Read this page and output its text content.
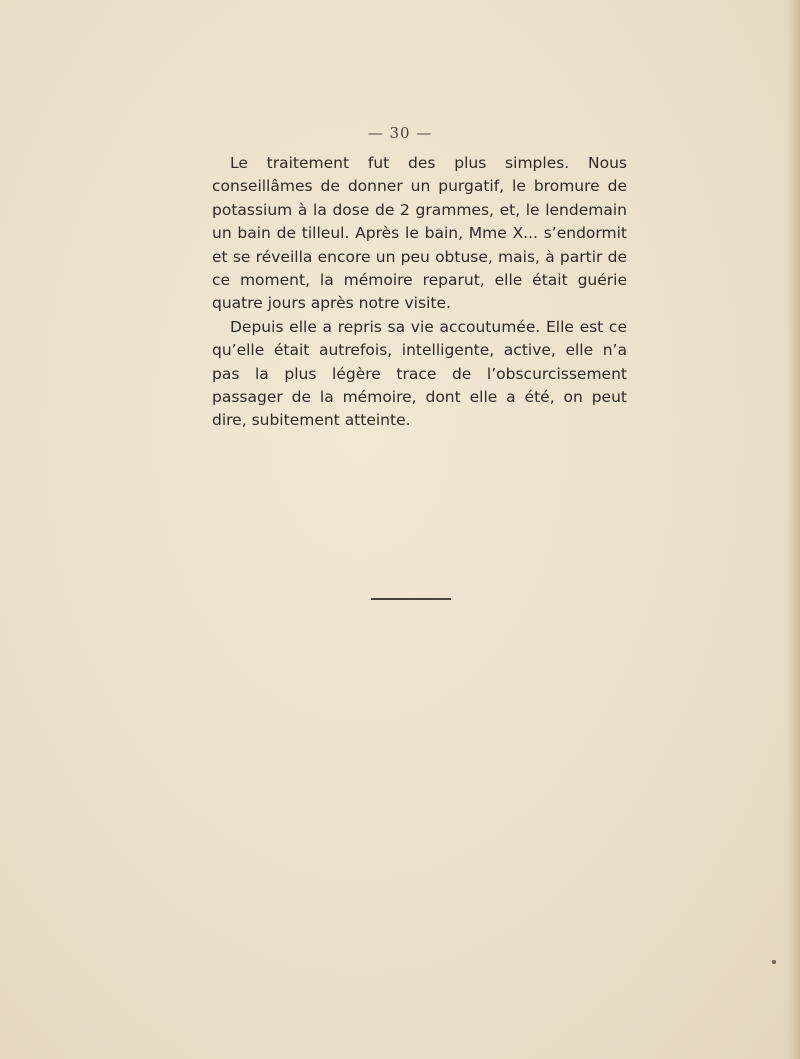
— 30 —

Le traitement fut des plus simples. Nous conseillâmes de donner un purgatif, le bromure de potassium à la dose de 2 grammes, et, le lendemain un bain de tilleul. Après le bain, Mme X... s’endormit et se réveilla encore un peu obtuse, mais, à partir de ce moment, la mémoire reparut, elle était guérie quatre jours après notre visite.

Depuis elle a repris sa vie accoutumée. Elle est ce qu’elle était autrefois, intelligente, active, elle n’a pas la plus légère trace de l’obscurcissement passager de la mémoire, dont elle a été, on peut dire, subitement atteinte.
